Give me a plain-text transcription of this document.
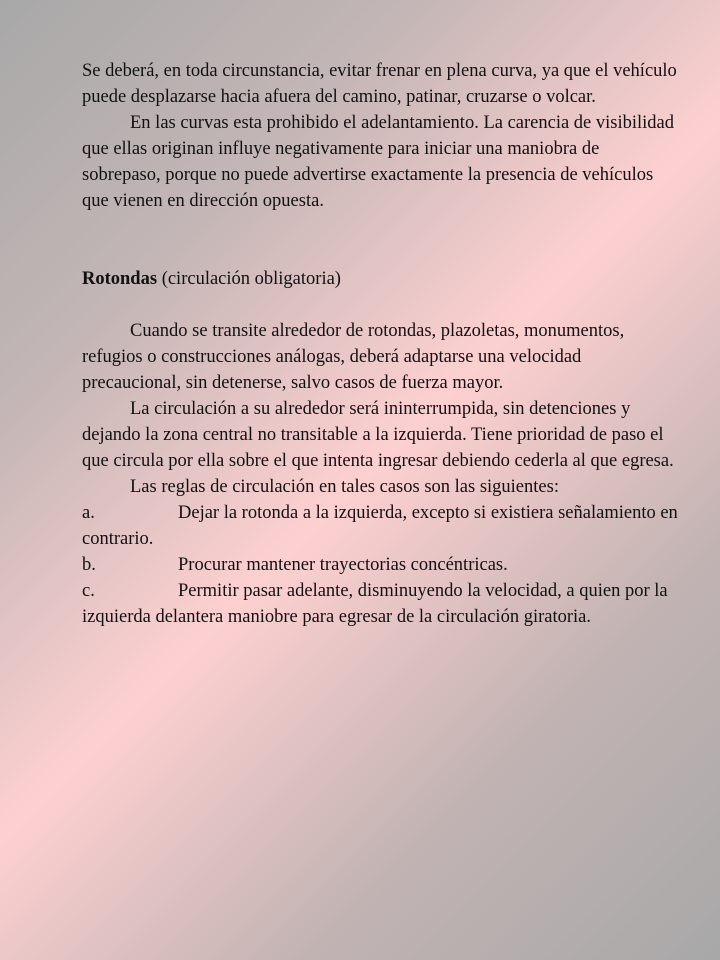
Se deberá, en toda circunstancia, evitar frenar en plena curva, ya que el vehículo puede desplazarse hacia afuera del camino, patinar, cruzarse o volcar.

En las curvas esta prohibido el adelantamiento. La carencia de visibilidad que ellas originan influye negativamente para iniciar una maniobra de sobrepaso, porque no puede advertirse exactamente la presencia de vehículos que vienen en dirección opuesta.

Rotondas (circulación obligatoria)

Cuando se transite alrededor de rotondas, plazoletas, monumentos, refugios o construcciones análogas, deberá adaptarse una velocidad precaucional, sin detenerse, salvo casos de fuerza mayor.

La circulación a su alrededor será ininterrumpida, sin detenciones y dejando la zona central no transitable a la izquierda. Tiene prioridad de paso el que circula por ella sobre el que intenta ingresar debiendo cederla al que egresa.

Las reglas de circulación en tales casos son las siguientes:

a.	Dejar la rotonda a la izquierda, excepto si existiera señalamiento en contrario.

b.	Procurar mantener trayectorias concéntricas.

c.	Permitir pasar adelante, disminuyendo la velocidad, a quien por la izquierda delantera maniobre para egresar de la circulación giratoria.
